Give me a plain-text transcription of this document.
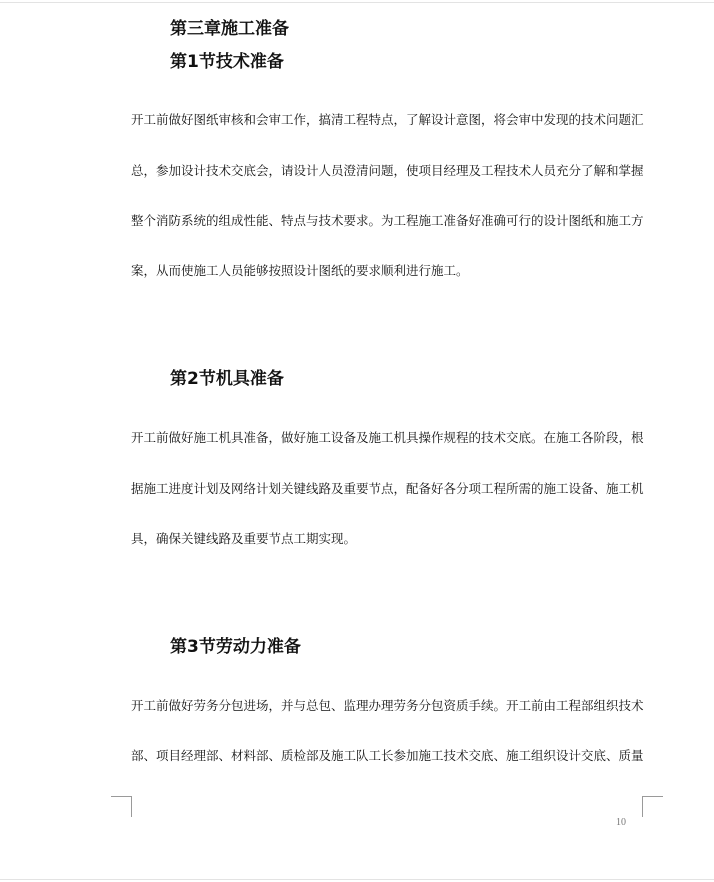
第三章施工准备
第1节技术准备

开工前做好图纸审核和会审工作，搞清工程特点，了解设计意图，将会审中发现的技术问题汇

总，参加设计技术交底会，请设计人员澄清问题，使项目经理及工程技术人员充分了解和掌握

整个消防系统的组成性能、特点与技术要求。为工程施工准备好准确可行的设计图纸和施工方

案，从而使施工人员能够按照设计图纸的要求顺利进行施工。

第2节机具准备

开工前做好施工机具准备，做好施工设备及施工机具操作规程的技术交底。在施工各阶段，根

据施工进度计划及网络计划关键线路及重要节点，配备好各分项工程所需的施工设备、施工机

具，确保关键线路及重要节点工期实现。

第3节劳动力准备

开工前做好劳务分包进场，并与总包、监理办理劳务分包资质手续。开工前由工程部组织技术

部、项目经理部、材料部、质检部及施工队工长参加施工技术交底、施工组织设计交底、质量

10
